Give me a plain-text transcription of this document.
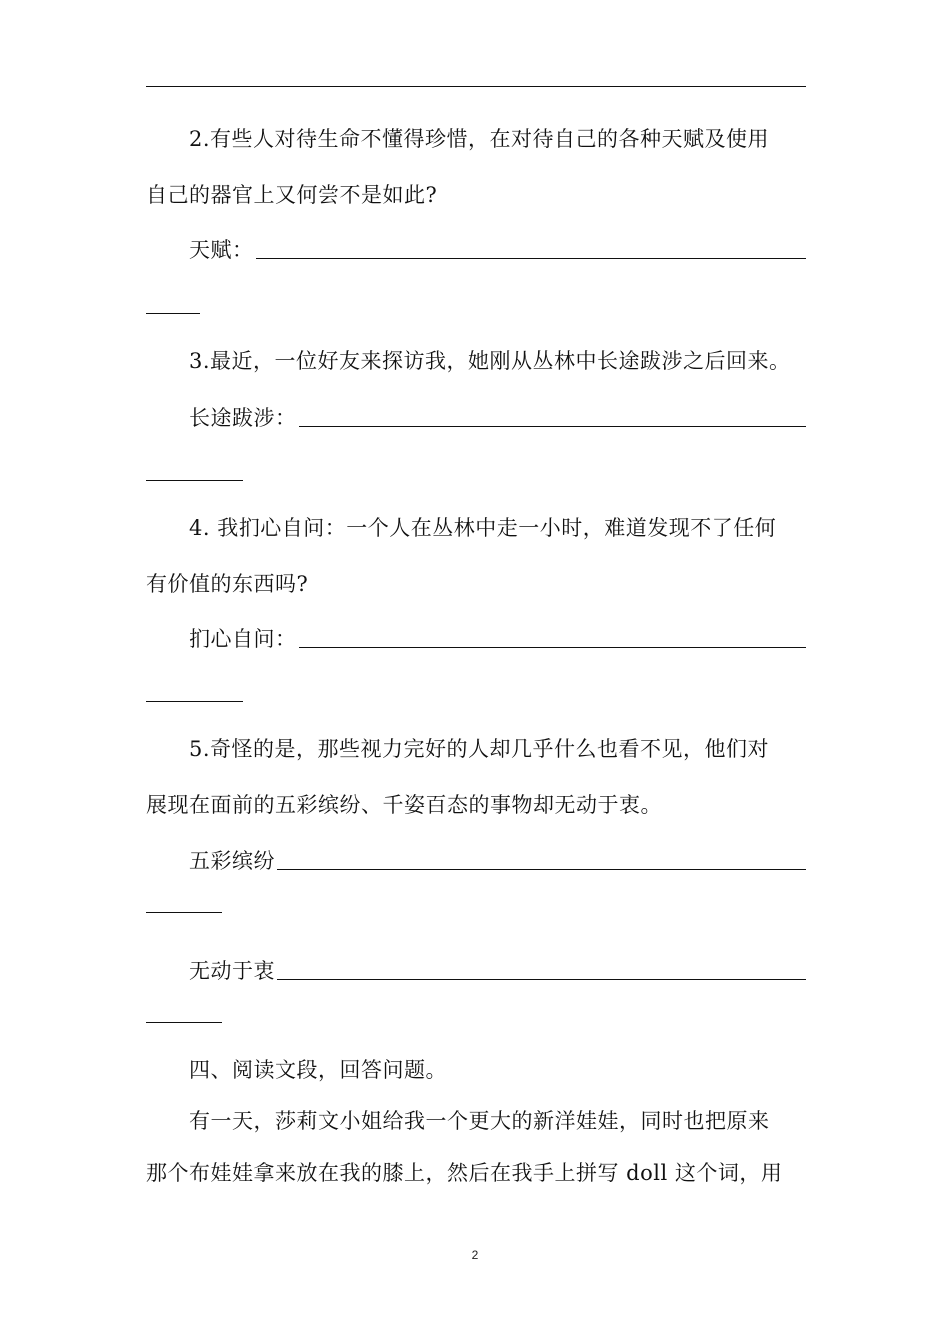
2.有些人对待生命不懂得珍惜，在对待自己的各种天赋及使用
自己的器官上又何尝不是如此?
天赋：
3.最近，一位好友来探访我，她刚从丛林中长途跋涉之后回来。
长途跋涉：
4. 我扪心自问：一个人在丛林中走一小时，难道发现不了任何
有价值的东西吗?
扪心自问：
5.奇怪的是，那些视力完好的人却几乎什么也看不见，他们对
展现在面前的五彩缤纷、千姿百态的事物却无动于衷。
五彩缤纷
无动于衷
四、阅读文段，回答问题。
有一天，莎莉文小姐给我一个更大的新洋娃娃，同时也把原来
那个布娃娃拿来放在我的膝上，然后在我手上拼写 doll 这个词，用
2
